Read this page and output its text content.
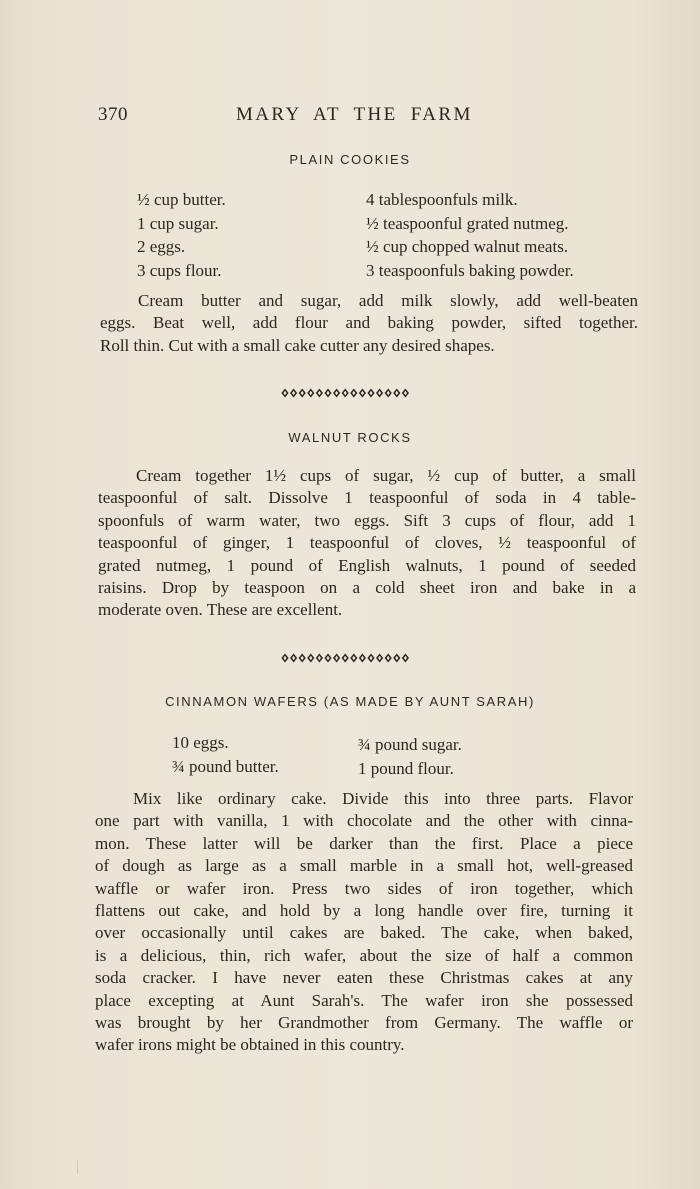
370	MARY AT THE FARM
PLAIN COOKIES
½ cup butter.
1 cup sugar.
2 eggs.
3 cups flour.
4 tablespoonfuls milk.
½ teaspoonful grated nutmeg.
½ cup chopped walnut meats.
3 teaspoonfuls baking powder.
Cream butter and sugar, add milk slowly, add well-beaten
eggs. Beat well, add flour and baking powder, sifted together.
Roll thin. Cut with a small cake cutter any desired shapes.
WALNUT ROCKS
Cream together 1½ cups of sugar, ½ cup of butter, a small
teaspoonful of salt. Dissolve 1 teaspoonful of soda in 4 table-
spoonfuls of warm water, two eggs. Sift 3 cups of flour, add 1
teaspoonful of ginger, 1 teaspoonful of cloves, ½ teaspoonful of
grated nutmeg, 1 pound of English walnuts, 1 pound of seeded
raisins. Drop by teaspoon on a cold sheet iron and bake in a
moderate oven. These are excellent.
CINNAMON WAFERS (AS MADE BY AUNT SARAH)
10 eggs.
¾ pound butter.
¾ pound sugar.
1 pound flour.
Mix like ordinary cake. Divide this into three parts. Flavor
one part with vanilla, 1 with chocolate and the other with cinna-
mon. These latter will be darker than the first. Place a piece
of dough as large as a small marble in a small hot, well-greased
waffle or wafer iron. Press two sides of iron together, which
flattens out cake, and hold by a long handle over fire, turning it
over occasionally until cakes are baked. The cake, when baked,
is a delicious, thin, rich wafer, about the size of half a common
soda cracker. I have never eaten these Christmas cakes at any
place excepting at Aunt Sarah's. The wafer iron she possessed
was brought by her Grandmother from Germany. The waffle or
wafer irons might be obtained in this country.
